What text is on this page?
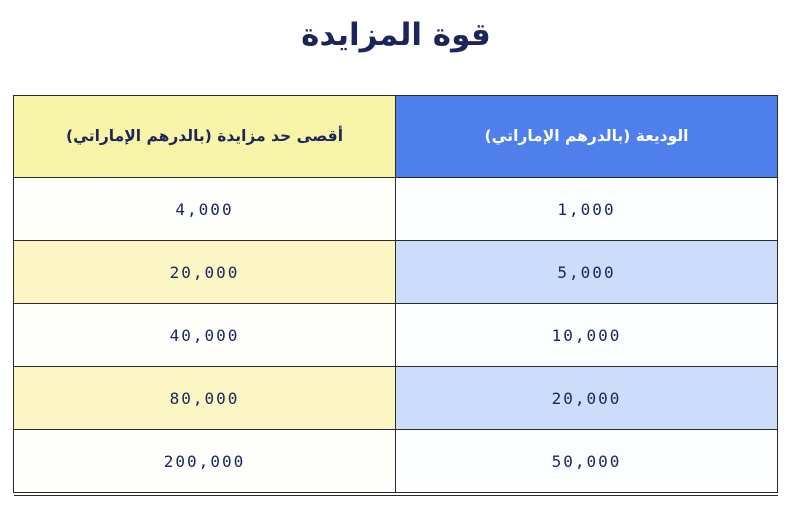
قوة المزايدة
الوديعة (بالدرهم الإماراتي)	أقصى حد مزايدة (بالدرهم الإماراتي)
1,000	4,000
5,000	20,000
10,000	40,000
20,000	80,000
50,000	200,000
